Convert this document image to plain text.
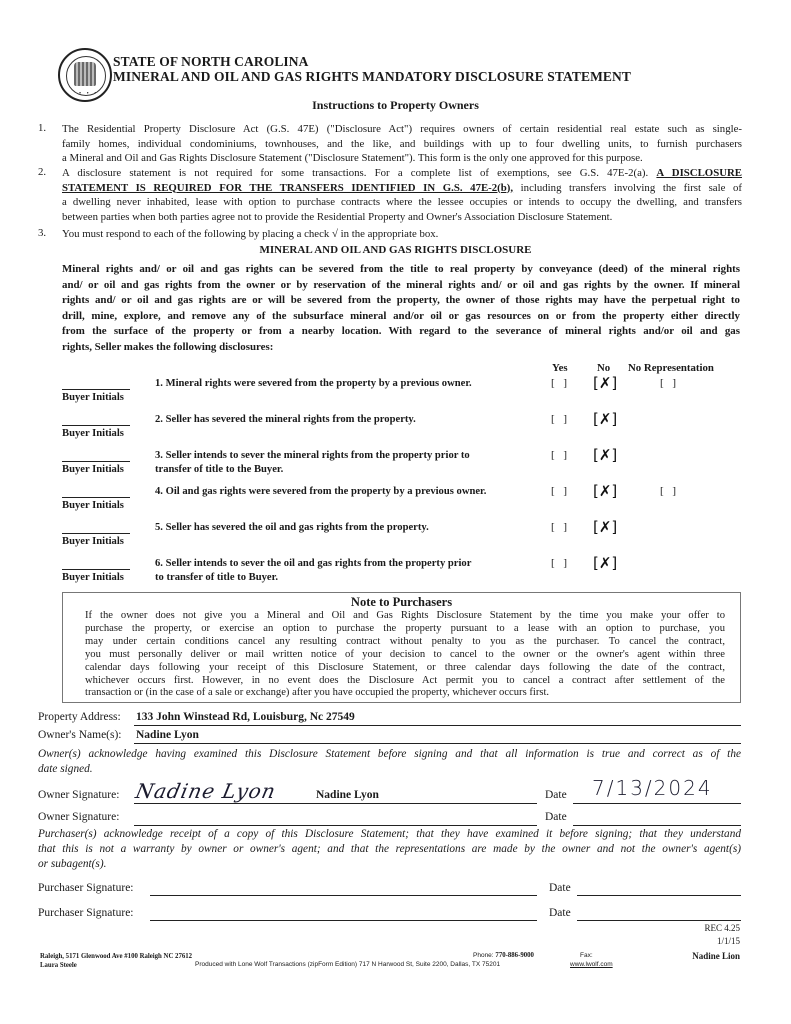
• • •
STATE OF NORTH CAROLINA
MINERAL AND OIL AND GAS RIGHTS MANDATORY DISCLOSURE STATEMENT
Instructions to Property Owners
1. The Residential Property Disclosure Act (G.S. 47E) ("Disclosure Act") requires owners of certain residential real estate such as single-
family homes, individual condominiums, townhouses, and the like, and buildings with up to four dwelling units, to furnish purchasers
a Mineral and Oil and Gas Rights Disclosure Statement ("Disclosure Statement"). This form is the only one approved for this purpose.
2. A disclosure statement is not required for some transactions. For a complete list of exemptions, see G.S. 47E-2(a). A DISCLOSURE
STATEMENT IS REQUIRED FOR THE TRANSFERS IDENTIFIED IN G.S. 47E-2(b), including transfers involving the first sale of
a dwelling never inhabited, lease with option to purchase contracts where the lessee occupies or intends to occupy the dwelling, and transfers
between parties when both parties agree not to provide the Residential Property and Owner's Association Disclosure Statement.
3. You must respond to each of the following by placing a check √ in the appropriate box.
MINERAL AND OIL AND GAS RIGHTS DISCLOSURE
Mineral rights and/ or oil and gas rights can be severed from the title to real property by conveyance (deed) of the mineral rights
and/ or oil and gas rights from the owner or by reservation of the mineral rights and/ or oil and gas rights by the owner. If mineral
rights and/ or oil and gas rights are or will be severed from the property, the owner of those rights may have the perpetual right to
drill, mine, explore, and remove any of the subsurface mineral and/or oil or gas resources on or from the property either directly
from the surface of the property or from a nearby location. With regard to the severance of mineral rights and/or oil and gas
rights, Seller makes the following disclosures:
Yes	No No Representation
1. Mineral rights were severed from the property by a previous owner.	[ ] [✗]	[ ]
Buyer Initials
2. Seller has severed the mineral rights from the property.	[ ] [✗]
Buyer Initials
3. Seller intends to sever the mineral rights from the property prior to
transfer of title to the Buyer.
[ ] [✗]
Buyer Initials
4. Oil and gas rights were severed from the property by a previous owner.	[ ] [✗]	[ ]
Buyer Initials
5. Seller has severed the oil and gas rights from the property.	[ ] [✗]
Buyer Initials
6. Seller intends to sever the oil and gas rights from the property prior
to transfer of title to Buyer.
[ ] [✗]
Buyer Initials
Note to Purchasers
If the owner does not give you a Mineral and Oil and Gas Rights Disclosure Statement by the time you make your offer to
purchase the property, or exercise an option to purchase the property pursuant to a lease with an option to purchase, you
may under certain conditions cancel any resulting contract without penalty to you as the purchaser. To cancel the contract,
you must personally deliver or mail written notice of your decision to cancel to the owner or the owner's agent within three
calendar days following your receipt of this Disclosure Statement, or three calendar days following the date of the contract,
whichever occurs first. However, in no event does the Disclosure Act permit you to cancel a contract after settlement of the
transaction or (in the case of a sale or exchange) after you have occupied the property, whichever occurs first.
Property Address: 133 John Winstead Rd, Louisburg, Nc 27549
Owner's Name(s): Nadine Lyon
Owner(s) acknowledge having examined this Disclosure Statement before signing and that all information is true and correct as of the
date signed.
Owner Signature: Nadine Lyon	Nadine Lyon	Date 7/13/2024
Owner Signature:	Date
Purchaser(s) acknowledge receipt of a copy of this Disclosure Statement; that they have examined it before signing; that they understand
that this is not a warranty by owner or owner's agent; and that the representations are made by the owner and not the owner's agent(s)
or subagent(s).
Purchaser Signature:	Date
Purchaser Signature:	Date
REC 4.25
1/1/15
Nadine Lion
Raleigh, 5171 Glenwood Ave #100 Raleigh NC 27612
Laura Steele
Phone: 770-886-9000	Fax:
Produced with Lone Wolf Transactions (zipForm Edition) 717 N Harwood St, Suite 2200, Dallas, TX 75201	www.lwolf.com
